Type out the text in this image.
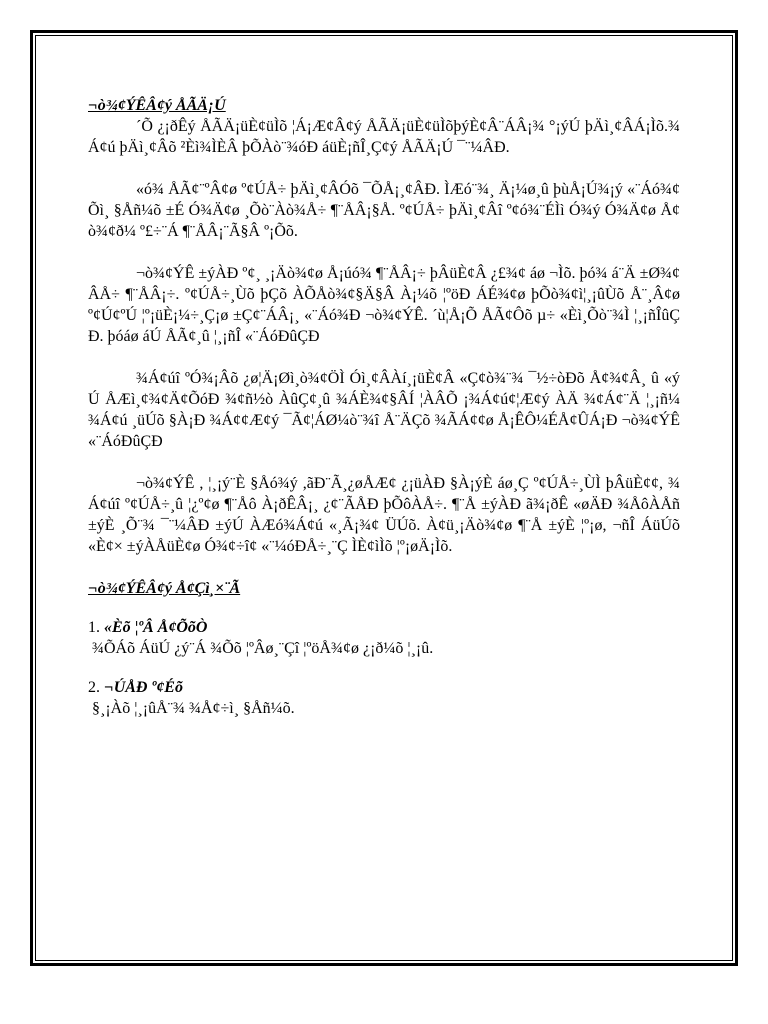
¬ò¾¢ÝÊÂ¢ý ÅÃÄ¡Ú

´Õ ¿¡ðÊý ÅÃÄ¡üÈ¢üÌõ ¦Á¡Æ¢Â¢ý ÅÃÄ¡üÈ¢üÌõþýÈ¢Â¨ÁÂ¡¾ °¡ýÚ þÄì¸¢ÂÁ¡Ìõ.¾Á¢ú þÄì¸¢Âõ ²Èì¾ÌÈÂ þÕÀò¨¾óÐ áüÈ¡ñÎ¸Ç¢ý ÅÃÄ¡Ú ¯¨¼ÂÐ.

«ó¾ ÅÃ¢¨ºÂ¢ø º¢ÚÅ÷ þÄì¸¢ÂÓõ ¯ÕÅ¡¸¢ÂÐ. ÌÆó¨¾¸ Ä¡¼ø¸û þùÅ¡Ú¾¡ý «¨Áó¾¢Õì¸ §Åñ¼õ ±É Ó¾Ä¢ø ¸Õò¨Àò¾Å÷ ¶¨ÅÂ¡§Å. º¢ÚÅ÷ þÄì¸¢Âî º¢ó¾¨ÉÌì Ó¾ý Ó¾Ä¢ø Å¢ò¾¢ð¼ º£÷¨Á ¶¨ÅÂ¡¨Ã§Â º¡Õõ.

¬ò¾¢ÝÊ ±ýÀÐ º¢¸ ¸¡Äò¾¢ø Å¡úó¾ ¶¨ÅÂ¡÷ þÂüÈ¢Â ¿£¾¢ áø ¬Ìõ. þó¾ á¨Ä ±Ø¾¢ÂÅ÷ ¶¨ÅÂ¡÷. º¢ÚÅ÷¸Ùõ þÇõ ÀÕÅò¾¢§Ä§Â À¡¼õ ¦ºöÐ ÁÉ¾¢ø þÕò¾¢ì¦¸¡ûÙõ Å¨¸Â¢ø º¢Ú¢ºÚ ¦º¡üÈ¡¼÷¸Ç¡ø ±Ç¢¨ÁÂ¡¸ «¨Áó¾Ð ¬ò¾¢ÝÊ. ´ù¦Å¡Õ ÅÃ¢Ôõ µ÷ «Èì¸Õò¨¾Ì ¦¸¡ñÎûÇÐ. þóáø áÚ ÅÃ¢¸û ¦¸¡ñÎ «¨ÁóÐûÇÐ

¾Á¢úî ºÓ¾¡Âõ ¿ø¦Ä¡Øì¸ò¾¢ÖÌ Óì¸¢ÂÀí¸¡üÈ¢Â «Ç¢ò¾¨¾ ¯½÷òÐõ Å¢¾¢Â¸ û «ýÚ ÅÆì¸¢¾¢Ä¢ÕóÐ ¾¢ñ½ò ÀûÇ¢¸û ¾ÁÈ¾¢§ÂÍ ¦ÀÂÕ ¡¾Á¢ú¢¦Æ¢ý ÀÄ ¾¢Á¢¨Ä ¦¸¡ñ¼ ¾Á¢ú ¸üÚõ §À¡Ð ¾Á¢¢Æ¢ý ¯Ã¢¦ÁØ¼ò¨¾î Å¨ÄÇõ ¾ÃÁ¢¢ø Å¡ÊÔ¼ÉÅ¢ÛÁ¡Ð ¬ò¾¢ÝÊ «¨ÁóÐûÇÐ

¬ò¾¢ÝÊ , ¦¸¡ý¨È §Åó¾ý ,ãÐ¨Ã¸¿øÅÆ¢ ¿¡üÀÐ §À¡ýÈ áø¸Ç º¢ÚÅ÷¸ÙÌ þÂüÈ¢¢, ¾Á¢úî º¢ÚÅ÷¸û ¦¿º¢ø ¶¨Åô À¡ðÊÂ¡¸ ¿¢¨ÃÅÐ þÕôÀÅ÷. ¶¨Å ±ýÀÐ ã¾¡ðÊ «øÄÐ ¾ÅôÀÅñ ±ýÈ ¸Õ¨¾ ¯¨¼ÂÐ ±ýÚ ÀÆó¾Á¢ú «¸Ã¡¾¢ ÜÚõ. À¢ü¸¡Äò¾¢ø ¶¨Å ±ýÈ ¦º¡ø, ¬ñÎ ÁüÚõ «È¢× ±ýÀÅüÈ¢ø Ó¾¢÷î¢ «¨¼óÐÅ÷¸¨Ç ÌÈ¢ìÌõ ¦º¡øÄ¡Ìõ.

¬ò¾¢ÝÊÂ¢ý Å¢Çì¸×¨Ã

1. «Èõ ¦ºÂ Å¢ÕõÒ

¾ÕÁõ ÁüÚ ¿ý¨Á ¾Õõ ¦ºÂø¸¨Çî ¦ºöÅ¾¢ø ¿¡ð¼õ ¦¸¡û.

2. ¬ÚÅÐ º¢Éõ

§¸¡Àõ ¦¸¡ûÅ¨¾ ¾Å¢÷ì¸ §Åñ¼õ.
